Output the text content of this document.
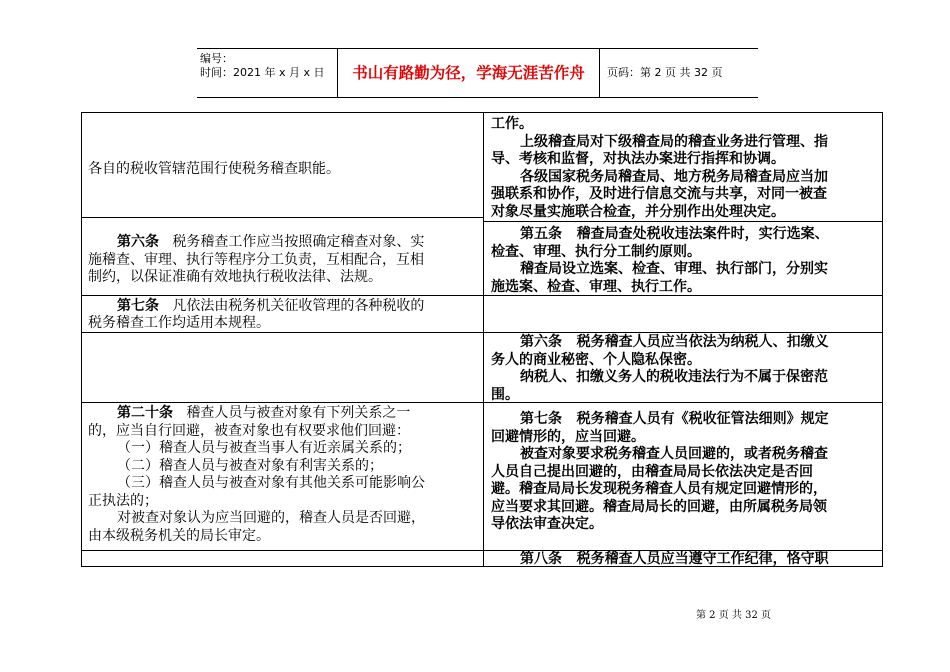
编号：
时间：2021 年 x 月 x 日	书山有路勤为径，学海无涯苦作舟	页码：第 2 页 共 32 页
各自的税收管辖范围行使税务稽查职能。
第六条 税务稽查工作应当按照确定稽查对象、实
施稽查、审理、执行等程序分工负责，互相配合，互相
制约，以保证准确有效地执行税收法律、法规。
第七条 凡依法由税务机关征收管理的各种税收的
税务稽查工作均适用本规程。
第二十条 稽查人员与被查对象有下列关系之一
的，应当自行回避，被查对象也有权要求他们回避：
（一）稽查人员与被查当事人有近亲属关系的；
（二）稽查人员与被查对象有利害关系的；
（三）稽查人员与被查对象有其他关系可能影响公
正执法的；
对被查对象认为应当回避的，稽查人员是否回避，
由本级税务机关的局长审定。
工作。
上级稽查局对下级稽查局的稽查业务进行管理、指
导、考核和监督，对执法办案进行指挥和协调。
各级国家税务局稽查局、地方税务局稽查局应当加
强联系和协作，及时进行信息交流与共享，对同一被查
对象尽量实施联合检查，并分别作出处理决定。
第五条 稽查局查处税收违法案件时，实行选案、
检查、审理、执行分工制约原则。
稽查局设立选案、检查、审理、执行部门，分别实
施选案、检查、审理、执行工作。
第六条 税务稽查人员应当依法为纳税人、扣缴义
务人的商业秘密、个人隐私保密。
纳税人、扣缴义务人的税收违法行为不属于保密范
围。
第七条 税务稽查人员有《税收征管法细则》规定
回避情形的，应当回避。
被查对象要求税务稽查人员回避的，或者税务稽查
人员自己提出回避的，由稽查局局长依法决定是否回
避。稽查局局长发现税务稽查人员有规定回避情形的，
应当要求其回避。稽查局局长的回避，由所属税务局领
导依法审查决定。
第八条 税务稽查人员应当遵守工作纪律，恪守职
第 2 页 共 32 页
